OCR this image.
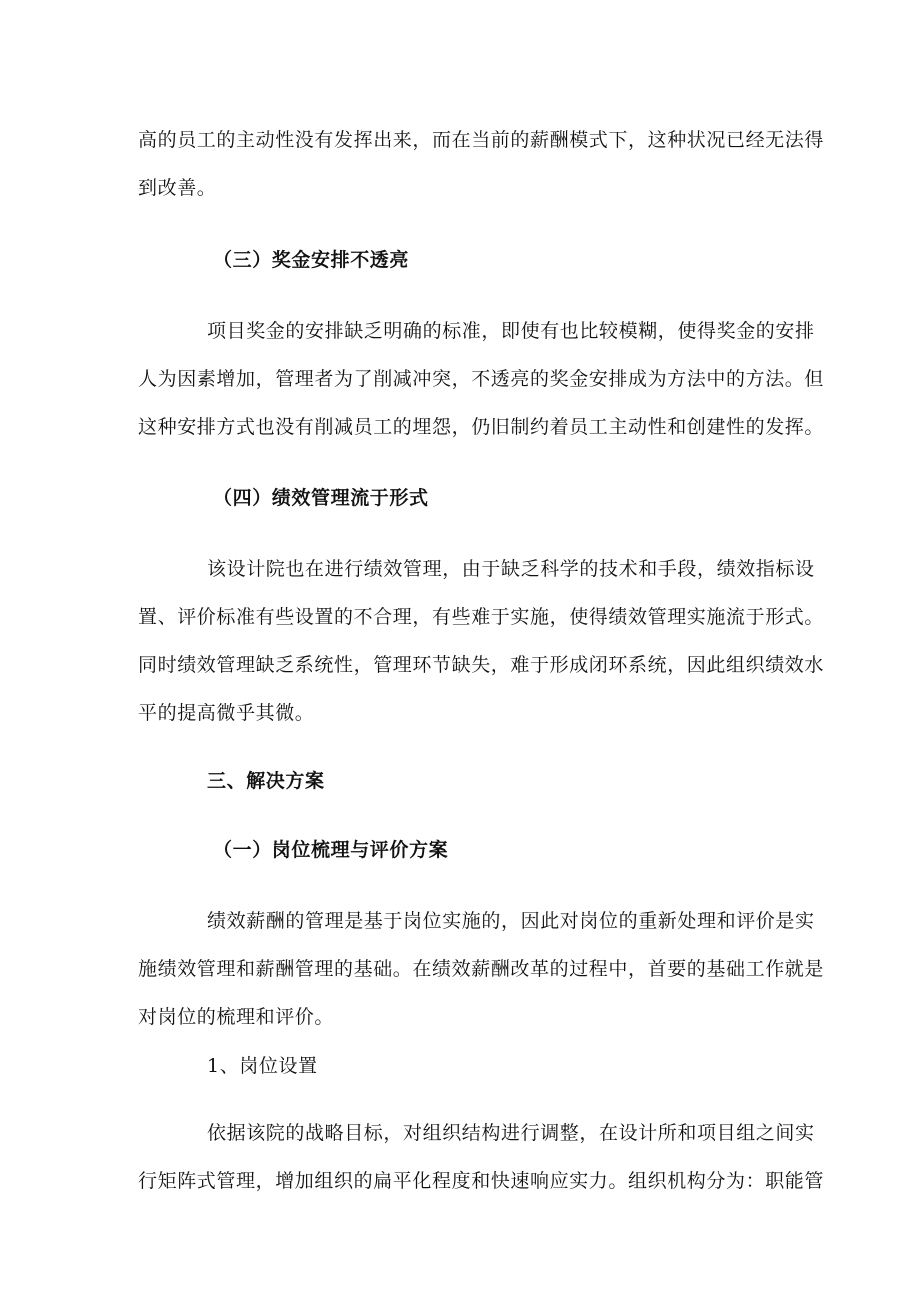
高的员工的主动性没有发挥出来，而在当前的薪酬模式下，这种状况已经无法得
到改善。
（三）奖金安排不透亮
项目奖金的安排缺乏明确的标准，即使有也比较模糊，使得奖金的安排
人为因素增加，管理者为了削减冲突，不透亮的奖金安排成为方法中的方法。但
这种安排方式也没有削减员工的埋怨，仍旧制约着员工主动性和创建性的发挥。
（四）绩效管理流于形式
该设计院也在进行绩效管理，由于缺乏科学的技术和手段，绩效指标设
置、评价标准有些设置的不合理，有些难于实施，使得绩效管理实施流于形式。
同时绩效管理缺乏系统性，管理环节缺失，难于形成闭环系统，因此组织绩效水
平的提高微乎其微。
三、解决方案
（一）岗位梳理与评价方案
绩效薪酬的管理是基于岗位实施的，因此对岗位的重新处理和评价是实
施绩效管理和薪酬管理的基础。在绩效薪酬改革的过程中，首要的基础工作就是
对岗位的梳理和评价。
1、岗位设置
依据该院的战略目标，对组织结构进行调整，在设计所和项目组之间实
行矩阵式管理，增加组织的扁平化程度和快速响应实力。组织机构分为：职能管
